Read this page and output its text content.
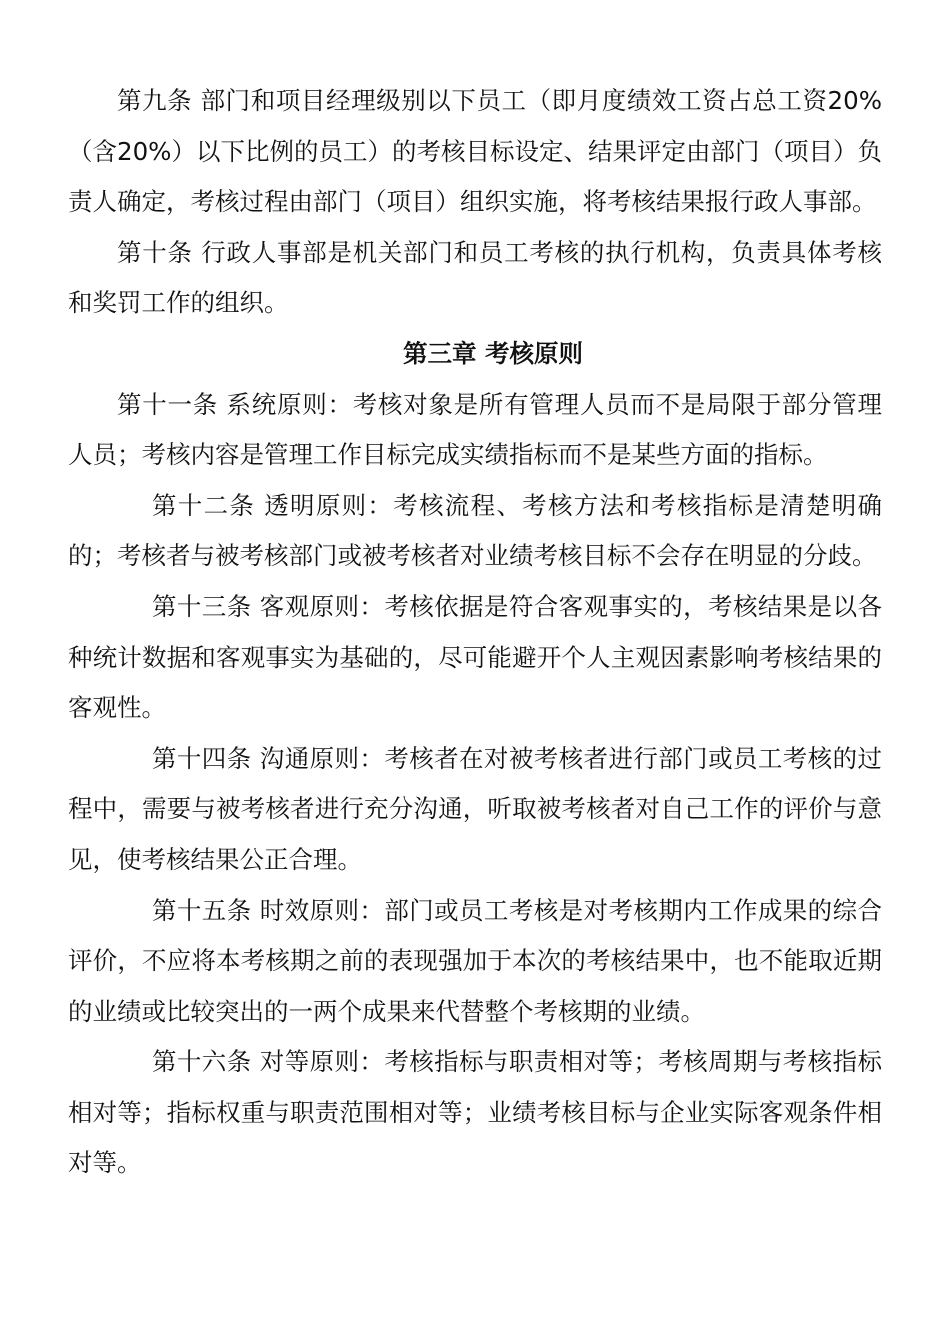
第九条 部门和项目经理级别以下员工（即月度绩效工资占总工资20%（含20%）以下比例的员工）的考核目标设定、结果评定由部门（项目）负责人确定，考核过程由部门（项目）组织实施，将考核结果报行政人事部。

第十条 行政人事部是机关部门和员工考核的执行机构，负责具体考核和奖罚工作的组织。

第三章 考核原则

第十一条 系统原则：考核对象是所有管理人员而不是局限于部分管理人员；考核内容是管理工作目标完成实绩指标而不是某些方面的指标。

第十二条 透明原则：考核流程、考核方法和考核指标是清楚明确的；考核者与被考核部门或被考核者对业绩考核目标不会存在明显的分歧。

第十三条 客观原则：考核依据是符合客观事实的，考核结果是以各种统计数据和客观事实为基础的，尽可能避开个人主观因素影响考核结果的客观性。

第十四条 沟通原则：考核者在对被考核者进行部门或员工考核的过程中，需要与被考核者进行充分沟通，听取被考核者对自己工作的评价与意见，使考核结果公正合理。

第十五条 时效原则：部门或员工考核是对考核期内工作成果的综合评价，不应将本考核期之前的表现强加于本次的考核结果中，也不能取近期的业绩或比较突出的一两个成果来代替整个考核期的业绩。

第十六条 对等原则：考核指标与职责相对等；考核周期与考核指标相对等；指标权重与职责范围相对等；业绩考核目标与企业实际客观条件相对等。
